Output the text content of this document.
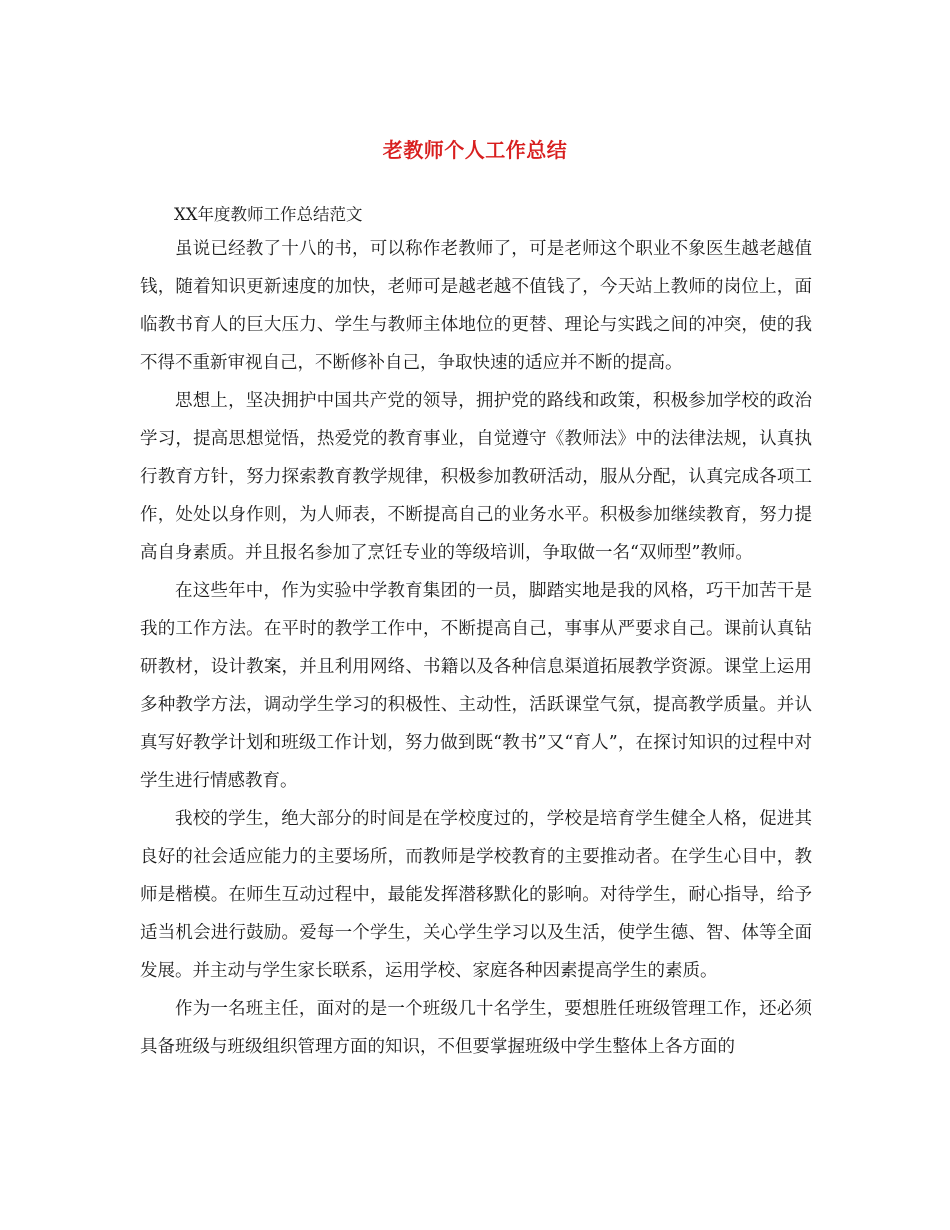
老教师个人工作总结

XX年度教师工作总结范文

虽说已经教了十八的书，可以称作老教师了，可是老师这个职业不象医生越老越值钱，随着知识更新速度的加快，老师可是越老越不值钱了，今天站上教师的岗位上，面临教书育人的巨大压力、学生与教师主体地位的更替、理论与实践之间的冲突，使的我不得不重新审视自己，不断修补自己，争取快速的适应并不断的提高。

思想上，坚决拥护中国共产党的领导，拥护党的路线和政策，积极参加学校的政治学习，提高思想觉悟，热爱党的教育事业，自觉遵守《教师法》中的法律法规，认真执行教育方针，努力探索教育教学规律，积极参加教研活动，服从分配，认真完成各项工作，处处以身作则，为人师表，不断提高自己的业务水平。积极参加继续教育，努力提高自身素质。并且报名参加了烹饪专业的等级培训，争取做一名“双师型”教师。

在这些年中，作为实验中学教育集团的一员，脚踏实地是我的风格，巧干加苦干是我的工作方法。在平时的教学工作中，不断提高自己，事事从严要求自己。课前认真钻研教材，设计教案，并且利用网络、书籍以及各种信息渠道拓展教学资源。课堂上运用多种教学方法，调动学生学习的积极性、主动性，活跃课堂气氛，提高教学质量。并认真写好教学计划和班级工作计划，努力做到既“教书”又“育人”，在探讨知识的过程中对学生进行情感教育。

我校的学生，绝大部分的时间是在学校度过的，学校是培育学生健全人格，促进其良好的社会适应能力的主要场所，而教师是学校教育的主要推动者。在学生心目中，教师是楷模。在师生互动过程中，最能发挥潜移默化的影响。对待学生，耐心指导，给予适当机会进行鼓励。爱每一个学生，关心学生学习以及生活，使学生德、智、体等全面发展。并主动与学生家长联系，运用学校、家庭各种因素提高学生的素质。

作为一名班主任，面对的是一个班级几十名学生，要想胜任班级管理工作，还必须具备班级与班级组织管理方面的知识，不但要掌握班级中学生整体上各方面的
